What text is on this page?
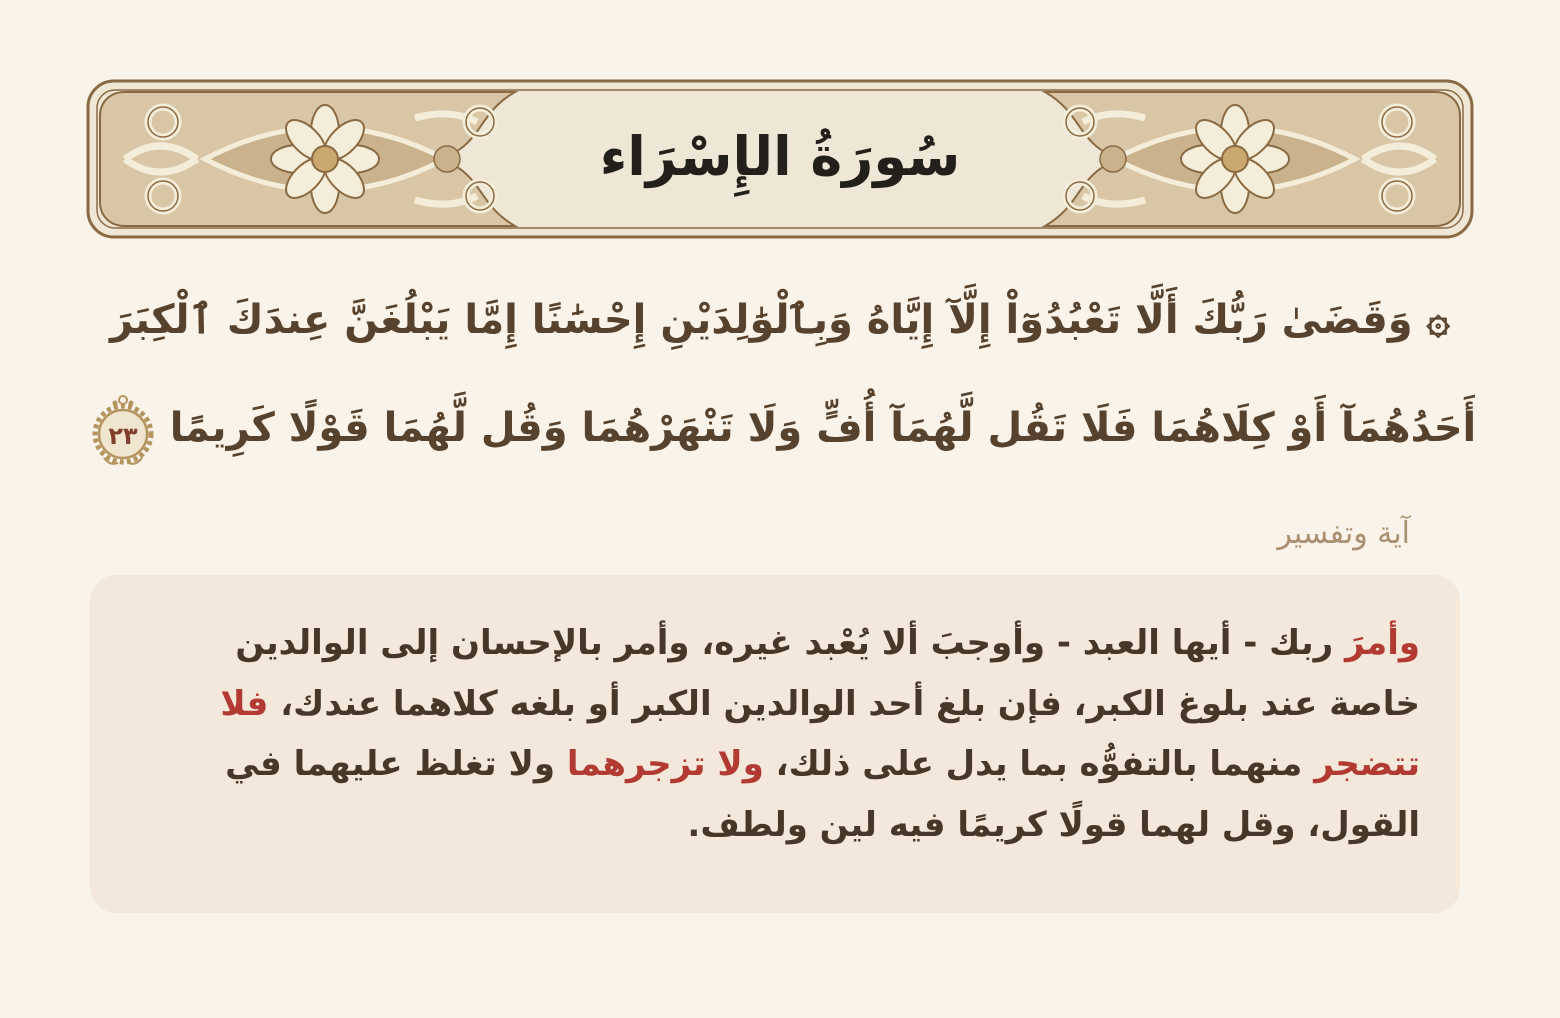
سُورَةُ الإِسْرَاء
۞ وَقَضَىٰ رَبُّكَ أَلَّا تَعْبُدُوٓاْ إِلَّآ إِيَّاهُ وَبِٱلْوَٰلِدَيْنِ إِحْسَٰنًا إِمَّا يَبْلُغَنَّ عِندَكَ ٱلْكِبَرَ
أَحَدُهُمَآ أَوْ كِلَاهُمَا فَلَا تَقُل لَّهُمَآ أُفٍّ وَلَا تَنْهَرْهُمَا وَقُل لَّهُمَا قَوْلًا كَرِيمًا
٢٣
آية وتفسير

وأمرَ ربك - أيها العبد - وأوجبَ ألا يُعْبد غيره، وأمر بالإحسان إلى الوالدين خاصة عند بلوغ الكبر، فإن بلغ أحد الوالدين الكبر أو بلغه كلاهما عندك، فلا تتضجر منهما بالتفوُّه بما يدل على ذلك، ولا تزجرهما ولا تغلظ عليهما في القول، وقل لهما قولًا كريمًا فيه لين ولطف.
